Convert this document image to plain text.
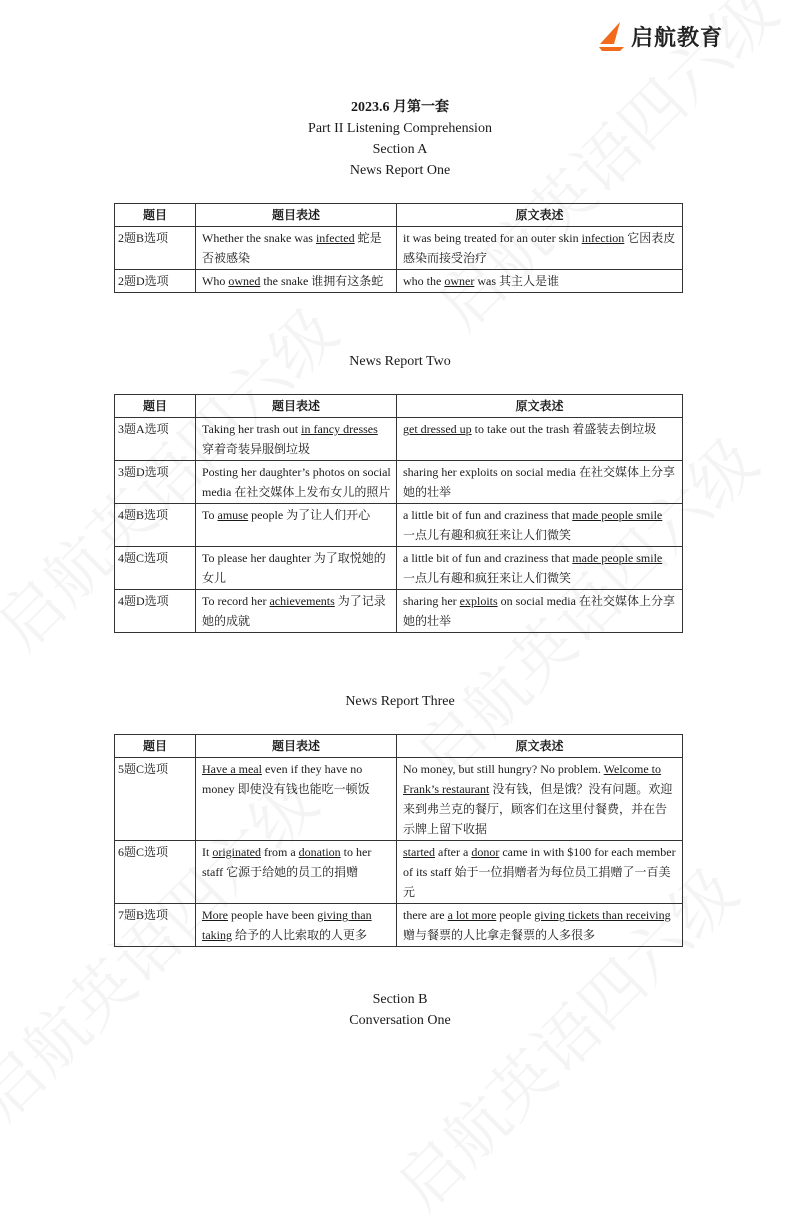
启航教育
2023.6 月第一套
Part II Listening Comprehension
Section A
News Report One
题目	题目表述	原文表述
2题B选项	Whether the snake was infected 蛇是否被感染	it was being treated for an outer skin infection 它因表皮感染而接受治疗
2题D选项	Who owned the snake 谁拥有这条蛇	who the owner was 其主人是谁
News Report Two
题目	题目表述	原文表述
3题A选项	Taking her trash out in fancy dresses 穿着奇装异服倒垃圾	get dressed up to take out the trash 着盛装去倒垃圾
3题D选项	Posting her daughter’s photos on social media 在社交媒体上发布女儿的照片	sharing her exploits on social media 在社交媒体上分享她的壮举
4题B选项	To amuse people 为了让人们开心	a little bit of fun and craziness that made people smile 一点儿有趣和疯狂来让人们微笑
4题C选项	To please her daughter 为了取悦她的女儿	a little bit of fun and craziness that made people smile 一点儿有趣和疯狂来让人们微笑
4题D选项	To record her achievements 为了记录她的成就	sharing her exploits on social media 在社交媒体上分享她的壮举
News Report Three
题目	题目表述	原文表述
5题C选项	Have a meal even if they have no money 即使没有钱也能吃一顿饭	No money, but still hungry? No problem. Welcome to Frank’s restaurant 没有钱，但是饿？没有问题。欢迎来到弗兰克的餐厅，顾客们在这里付餐费，并在告示牌上留下收据
6题C选项	It originated from a donation to her staff 它源于给她的员工的捐赠	started after a donor came in with $100 for each member of its staff 始于一位捐赠者为每位员工捐赠了一百美元
7题B选项	More people have been giving than taking 给予的人比索取的人更多	there are a lot more people giving tickets than receiving 赠与餐票的人比拿走餐票的人多很多
Section B
Conversation One
